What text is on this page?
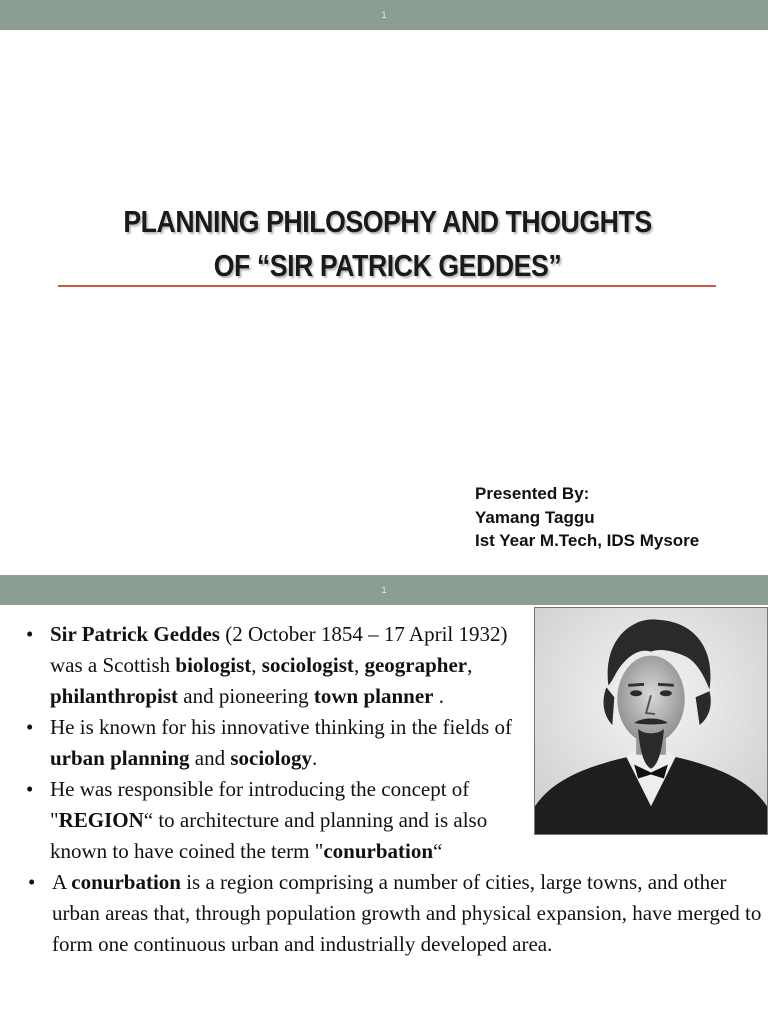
1
PLANNING PHILOSOPHY AND THOUGHTS
OF “SIR PATRICK GEDDES”
Presented By:
Yamang Taggu
Ist Year M.Tech, IDS Mysore
1
• Sir Patrick Geddes (2 October 1854 – 17 April 1932) was a Scottish biologist, sociologist, geographer, philanthropist and pioneering town planner .
• He is known for his innovative thinking in the fields of urban planning and sociology.
• He was responsible for introducing the concept of "REGION“ to architecture and planning and is also known to have coined the term "conurbation“
• A conurbation is a region comprising a number of cities, large towns, and other urban areas that, through population growth and physical expansion, have merged to form one continuous urban and industrially developed area.
